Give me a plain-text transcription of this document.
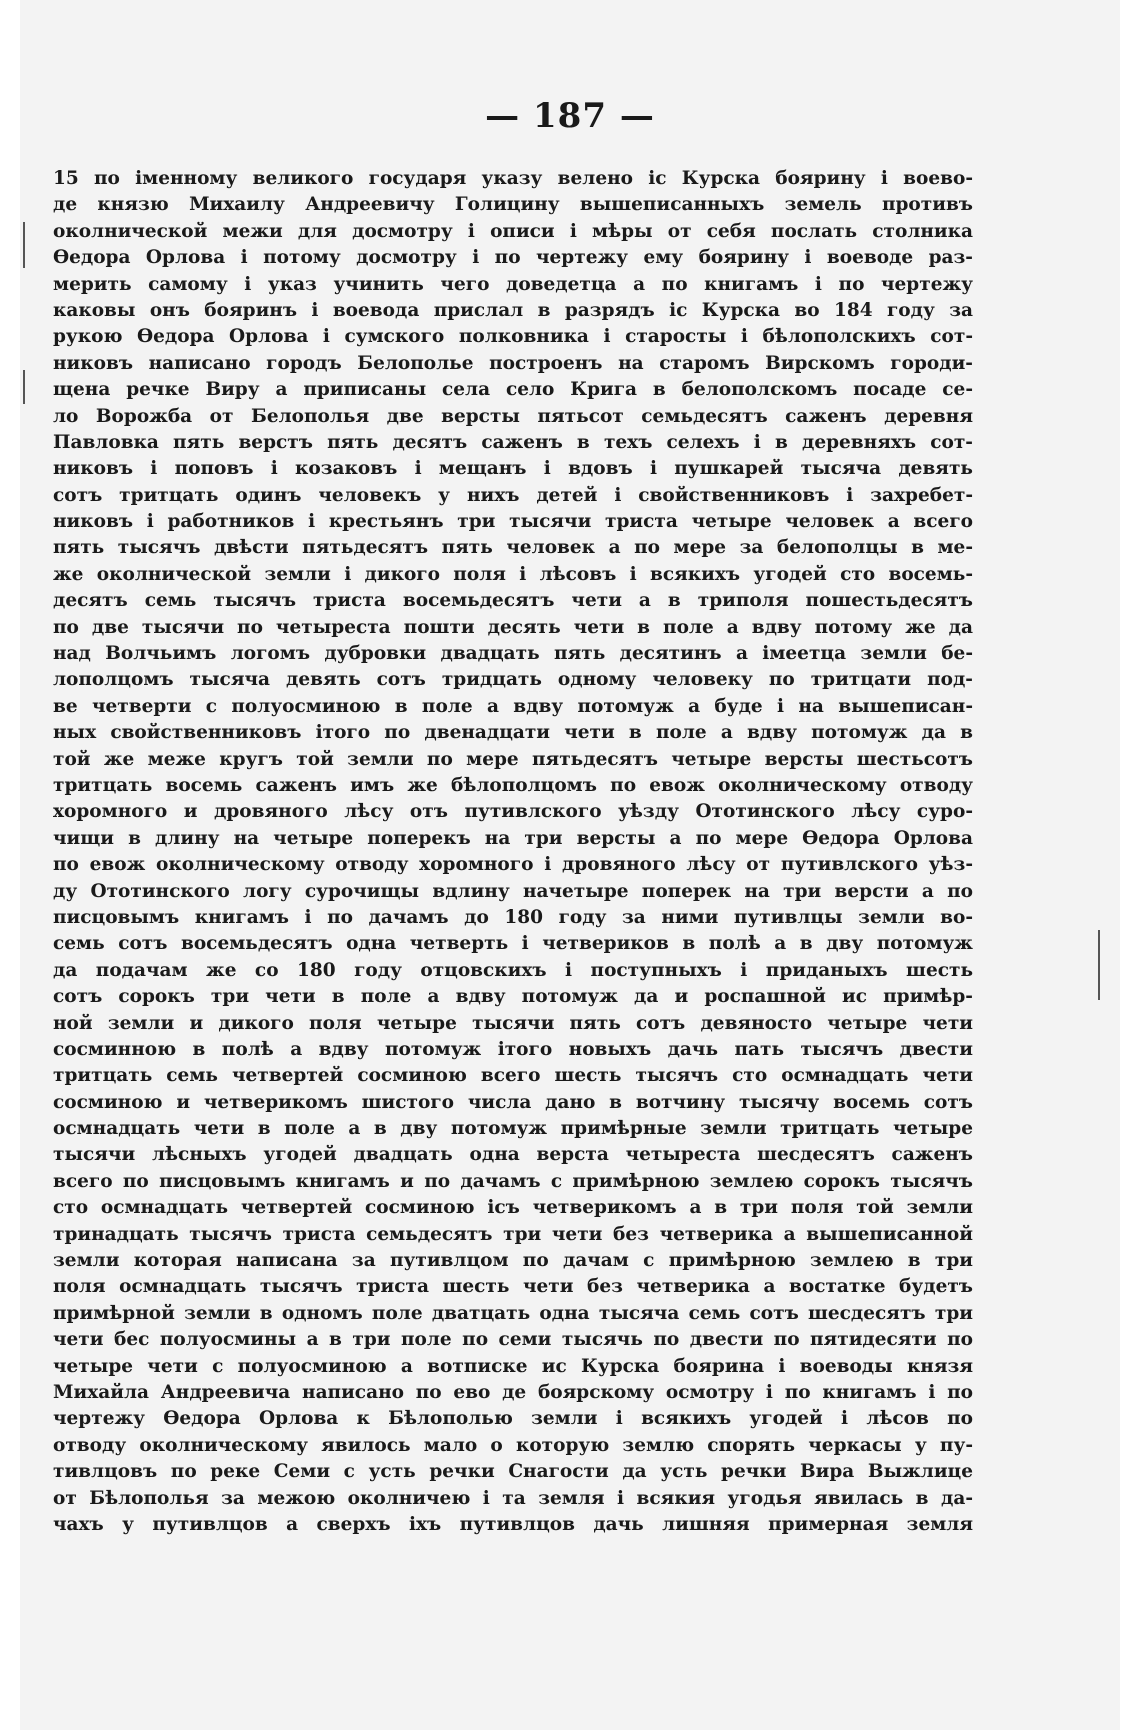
— 187 —
15 по іменному великого государя указу велено іс Курска боярину і воево-
де князю Михаилу Андреевичу Голицину вышеписанныхъ земель противъ
околнической межи для досмотру і описи і мѣры от себя послать столника
Өедора Орлова і потому досмотру і по чертежу ему боярину і воеводе раз-
мерить самому і указ учинить чего доведетца а по книгамъ і по чертежу
каковы онъ бояринъ і воевода прислал в разрядъ іс Курска во 184 году за
рукою Өедора Орлова і сумского полковника і старосты і бѣлополскихъ сот-
никовъ написано городъ Белополье построенъ на старомъ Вирскомъ городи-
щена речке Виру а приписаны села село Крига в белополскомъ посаде се-
ло Ворожба от Белополья две версты пятьсот семьдесятъ саженъ деревня
Павловка пять верстъ пять десятъ саженъ в техъ селехъ і в деревняхъ сот-
никовъ і поповъ і козаковъ і мещанъ і вдовъ і пушкарей тысяча девять
сотъ тритцать одинъ человекъ у нихъ детей і свойственниковъ і захребет-
никовъ і работников і крестьянъ три тысячи триста четыре человек а всего
пять тысячъ двѣсти пятьдесятъ пять человек а по мере за белополцы в ме-
же околнической земли і дикого поля і лѣсовъ і всякихъ угодей сто восемь-
десятъ семь тысячъ триста восемьдесятъ чети а в триполя пошестьдесятъ
по две тысячи по четыреста пошти десять чети в поле а вдву потому же да
над Волчьимъ логомъ дубровки двадцать пять десятинъ а імеетца земли бе-
лополцомъ тысяча девять сотъ тридцать одному человеку по тритцати под-
ве четверти с полуосминою в поле а вдву потомуж а буде і на вышеписан-
ных свойственниковъ ітого по двенадцати чети в поле а вдву потомуж да в
той же меже кругъ той земли по мере пятьдесятъ четыре версты шестьсотъ
тритцать восемь саженъ имъ же бѣлополцомъ по евож околническому отводу
хоромного и дровяного лѣсу отъ путивлского уѣзду Ототинского лѣсу суро-
чищи в длину на четыре поперекъ на три версты а по мере Өедора Орлова
по евож околническому отводу хоромного і дровяного лѣсу от путивлского уѣз-
ду Ототинского логу сурочищы вдлину начетыре поперек на три версти а по
писцовымъ книгамъ і по дачамъ до 180 году за ними путивлцы земли во-
семь сотъ восемьдесятъ одна четверть і четвериков в полѣ а в дву потомуж
да подачам же со 180 году отцовскихъ і поступныхъ і приданыхъ шесть
сотъ сорокъ три чети в поле а вдву потомуж да и роспашной ис примѣр-
ной земли и дикого поля четыре тысячи пять сотъ девяносто четыре чети
сосминною в полѣ а вдву потомуж ітого новыхъ дачь пать тысячъ двести
тритцать семь четвертей сосминою всего шесть тысячъ сто осмнадцать чети
сосминою и четверикомъ шистого числа дано в вотчину тысячу восемь сотъ
осмнадцать чети в поле а в дву потомуж примѣрные земли тритцать четыре
тысячи лѣсныхъ угодей двадцать одна верста четыреста шесдесятъ саженъ
всего по писцовымъ книгамъ и по дачамъ с примѣрною землею сорокъ тысячъ
сто осмнадцать четвертей сосминою ісъ четверикомъ а в три поля той земли
тринадцать тысячъ триста семьдесятъ три чети без четверика а вышеписанной
земли которая написана за путивлцом по дачам с примѣрною землею в три
поля осмнадцать тысячъ триста шесть чети без четверика а востатке будетъ
примѣрной земли в одномъ поле дватцать одна тысяча семь сотъ шесдесятъ три
чети бес полуосмины а в три поле по семи тысячь по двести по пятидесяти по
четыре чети с полуосминою а вотписке ис Курска боярина і воеводы князя
Михайла Андреевича написано по ево де боярскому осмотру і по книгамъ і по
чертежу Өедора Орлова к Бѣлополью земли і всякихъ угодей і лѣсов по
отводу околническому явилось мало о которую землю спорять черкасы у пу-
тивлцовъ по реке Семи с усть речки Снагости да усть речки Вира Выжлице
от Бѣлополья за межою околничею і та земля і всякия угодья явилась в да-
чахъ у путивлцов а сверхъ іхъ путивлцов дачь лишняя примерная земля
